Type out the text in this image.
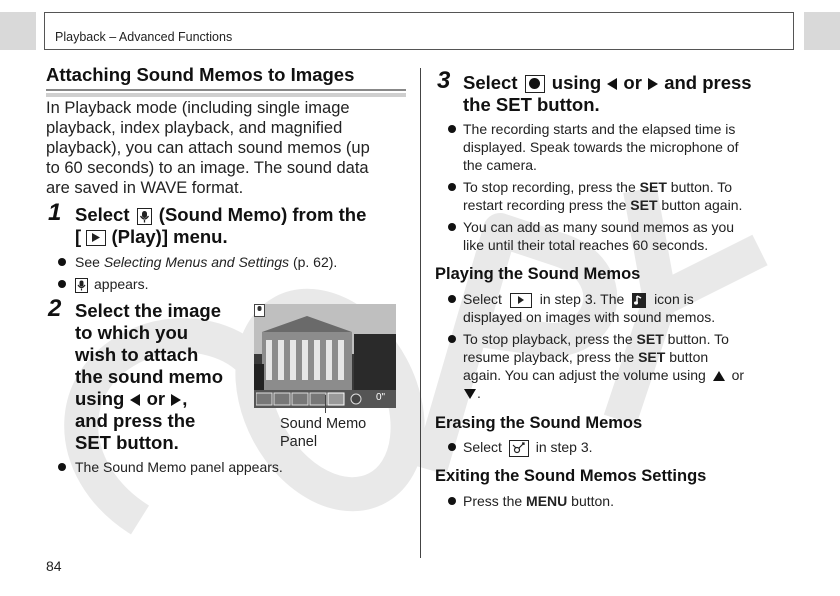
Playback – Advanced Functions
Attaching Sound Memos to Images
In Playback mode (including single image
playback, index playback, and magnified
playback), you can attach sound memos (up
to 60 seconds) to an image. The sound data
are saved in WAVE format.
1 Select (Sound Memo) from the
[ (Play)] menu.
See Selecting Menus and Settings (p. 62).
appears.
2 Select the image
to which you
wish to attach
the sound memo
using or ,
and press the
SET button.
0"
Sound Memo
Panel
The Sound Memo panel appears.
84
3 Select using or and press
the SET button.
The recording starts and the elapsed time is
displayed. Speak towards the microphone of
the camera.
To stop recording, press the SET button. To
restart recording press the SET button again.
You can add as many sound memos as you
like until their total reaches 60 seconds.
Playing the Sound Memos
Select	in step 3. The icon is
displayed on images with sound memos.
To stop playback, press the SET button. To
resume playback, press the SET button
again. You can adjust the volume using or
.
Erasing the Sound Memos
Select in step 3.
Exiting the Sound Memos Settings
Press the MENU button.
